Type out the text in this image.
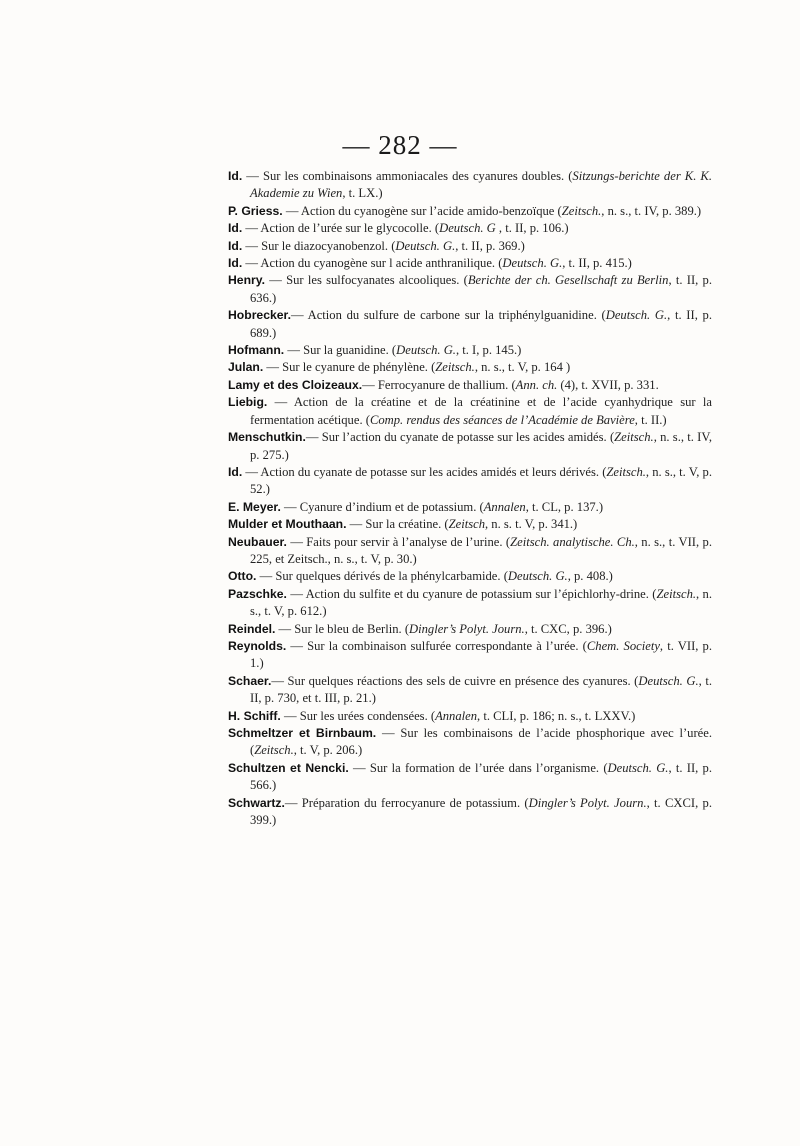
— 282 —

Id. — Sur les combinaisons ammoniacales des cyanures doubles. (Sitzungs-berichte der K. K. Akademie zu Wien, t. LX.)

P. Griess. — Action du cyanogène sur l’acide amido-benzoïque (Zeitsch., n. s., t. IV, p. 389.)

Id. — Action de l’urée sur le glycocolle. (Deutsch. G , t. II, p. 106.)

Id. — Sur le diazocyanobenzol. (Deutsch. G., t. II, p. 369.)

Id. — Action du cyanogène sur l acide anthranilique. (Deutsch. G., t. II, p. 415.)

Henry. — Sur les sulfocyanates alcooliques. (Berichte der ch. Gesellschaft zu Berlin, t. II, p. 636.)

Hobrecker.— Action du sulfure de carbone sur la triphénylguanidine. (Deutsch. G., t. II, p. 689.)

Hofmann. — Sur la guanidine. (Deutsch. G., t. I, p. 145.)

Julan. — Sur le cyanure de phénylène. (Zeitsch., n. s., t. V, p. 164 )

Lamy et des Cloizeaux.— Ferrocyanure de thallium. (Ann. ch. (4), t. XVII, p. 331.

Liebig. — Action de la créatine et de la créatinine et de l’acide cyanhydrique sur la fermentation acétique. (Comp. rendus des séances de l’Académie de Bavière, t. II.)

Menschutkin.— Sur l’action du cyanate de potasse sur les acides amidés. (Zeitsch., n. s., t. IV, p. 275.)

Id. — Action du cyanate de potasse sur les acides amidés et leurs dérivés. (Zeitsch., n. s., t. V, p. 52.)

E. Meyer. — Cyanure d’indium et de potassium. (Annalen, t. CL, p. 137.)

Mulder et Mouthaan. — Sur la créatine. (Zeitsch, n. s. t. V, p. 341.)

Neubauer. — Faits pour servir à l’analyse de l’urine. (Zeitsch. analytische. Ch., n. s., t. VII, p. 225, et Zeitsch., n. s., t. V, p. 30.)

Otto. — Sur quelques dérivés de la phénylcarbamide. (Deutsch. G., p. 408.)

Pazschke. — Action du sulfite et du cyanure de potassium sur l’épichlorhy-drine. (Zeitsch., n. s., t. V, p. 612.)

Reindel. — Sur le bleu de Berlin. (Dingler’s Polyt. Journ., t. CXC, p. 396.)

Reynolds. — Sur la combinaison sulfurée correspondante à l’urée. (Chem. Society, t. VII, p. 1.)

Schaer.— Sur quelques réactions des sels de cuivre en présence des cyanures. (Deutsch. G., t. II, p. 730, et t. III, p. 21.)

H. Schiff. — Sur les urées condensées. (Annalen, t. CLI, p. 186; n. s., t. LXXV.)

Schmeltzer et Birnbaum. — Sur les combinaisons de l’acide phosphorique avec l’urée. (Zeitsch., t. V, p. 206.)

Schultzen et Nencki. — Sur la formation de l’urée dans l’organisme. (Deutsch. G., t. II, p. 566.)

Schwartz.— Préparation du ferrocyanure de potassium. (Dingler’s Polyt. Journ., t. CXCI, p. 399.)
